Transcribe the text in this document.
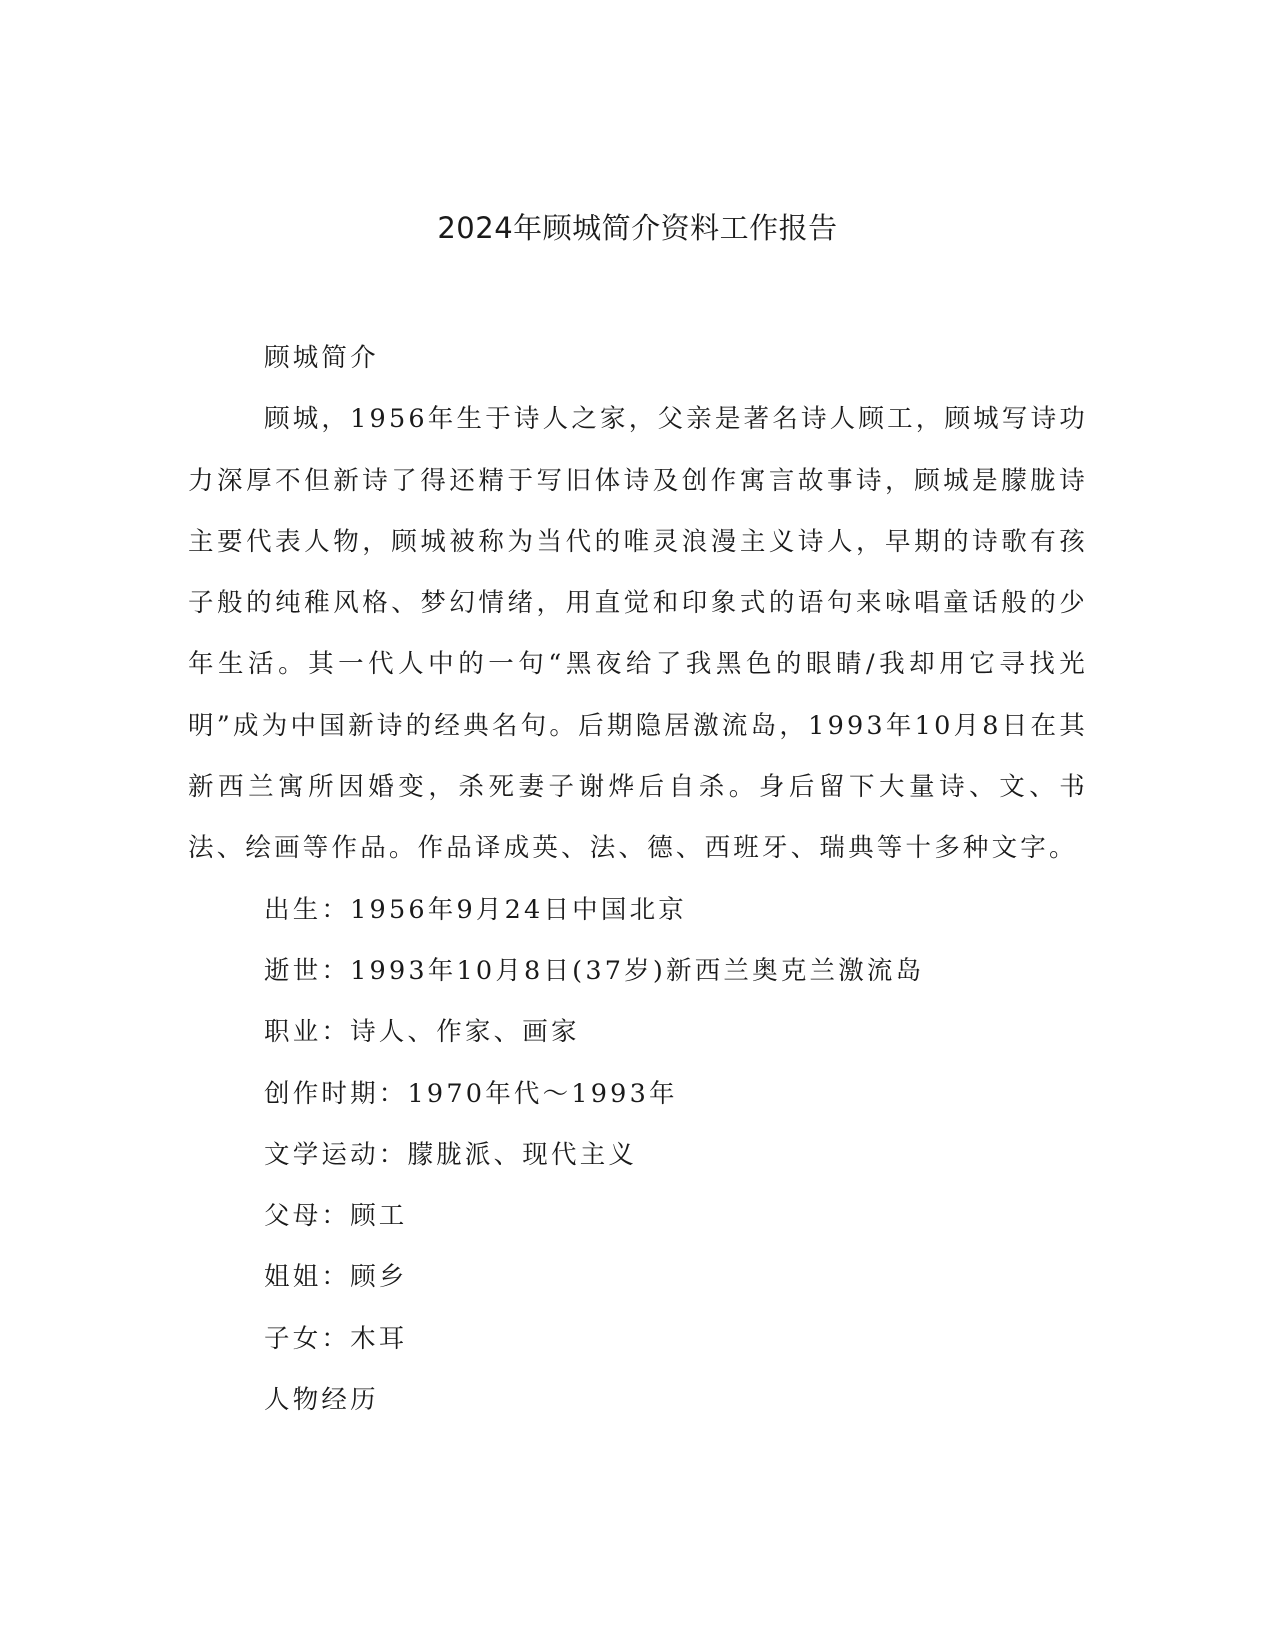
2024年顾城简介资料工作报告

顾城简介

顾城，1956年生于诗人之家，父亲是著名诗人顾工，顾城写诗功力深厚不但新诗了得还精于写旧体诗及创作寓言故事诗，顾城是朦胧诗主要代表人物，顾城被称为当代的唯灵浪漫主义诗人，早期的诗歌有孩子般的纯稚风格、梦幻情绪，用直觉和印象式的语句来咏唱童话般的少年生活。其一代人中的一句“黑夜给了我黑色的眼睛/我却用它寻找光明”成为中国新诗的经典名句。后期隐居激流岛，1993年10月8日在其新西兰寓所因婚变，杀死妻子谢烨后自杀。身后留下大量诗、文、书法、绘画等作品。作品译成英、法、德、西班牙、瑞典等十多种文字。

出生：1956年9月24日中国北京
逝世：1993年10月8日(37岁)新西兰奥克兰激流岛
职业：诗人、作家、画家
创作时期：1970年代～1993年
文学运动：朦胧派、现代主义
父母：顾工
姐姐：顾乡
子女：木耳

人物经历
